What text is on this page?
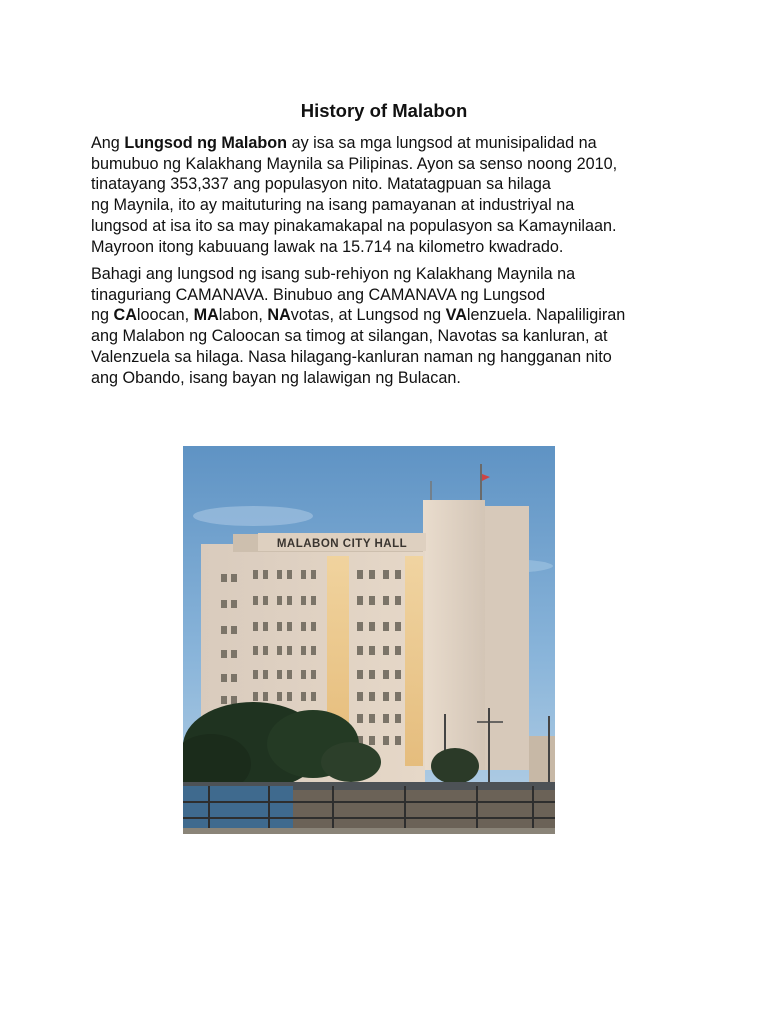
History of Malabon

Ang Lungsod ng Malabon ay isa sa mga lungsod at munisipalidad na
bumubuo ng Kalakhang Maynila sa Pilipinas. Ayon sa senso noong 2010,
tinatayang 353,337 ang populasyon nito. Matatagpuan sa hilaga
ng Maynila, ito ay maituturing na isang pamayanan at industriyal na
lungsod at isa ito sa may pinakamakapal na populasyon sa Kamaynilaan.
Mayroon itong kabuuang lawak na 15.714 na kilometro kwadrado.

Bahagi ang lungsod ng isang sub-rehiyon ng Kalakhang Maynila na
tinaguriang CAMANAVA. Binubuo ang CAMANAVA ng Lungsod
ng CAloocan, MAlabon, NAvotas, at Lungsod ng VAlenzuela. Napaliligiran
ang Malabon ng Caloocan sa timog at silangan, Navotas sa kanluran, at
Valenzuela sa hilaga. Nasa hilagang-kanluran naman ng hangganan nito
ang Obando, isang bayan ng lalawigan ng Bulacan.

MALABON CITY HALL
